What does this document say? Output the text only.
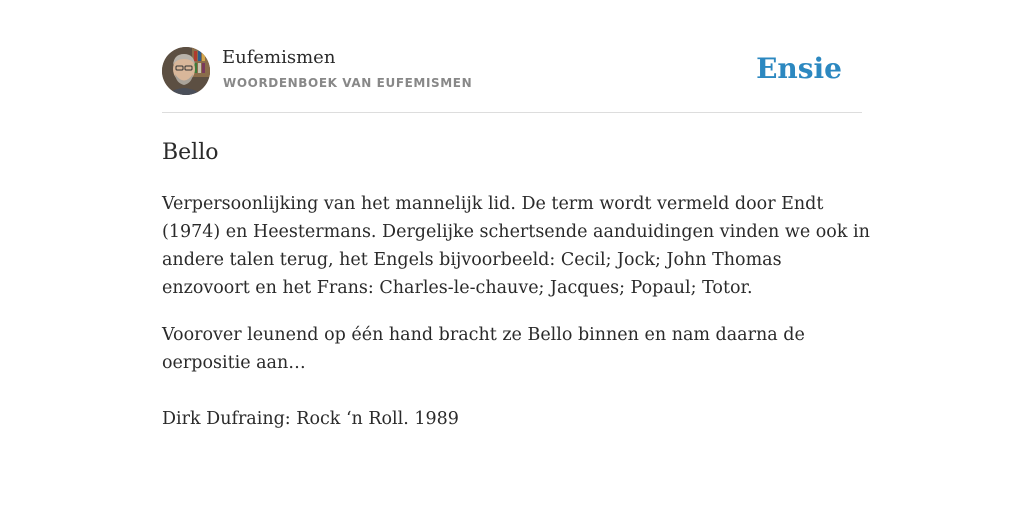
Eufemismen
WOORDENBOEK VAN EUFEMISMEN	Ensie
Bello

Verpersoonlijking van het mannelijk lid. De term wordt vermeld door Endt (1974) en Heestermans. Dergelijke schertsende aanduidingen vinden we ook in andere talen terug, het Engels bijvoorbeeld: Cecil; Jock; John Thomas enzovoort en het Frans: Charles-le-chauve; Jacques; Popaul; Totor.

Voorover leunend op één hand bracht ze Bello binnen en nam daarna de oerpositie aan…

Dirk Dufraing: Rock ‘n Roll. 1989
